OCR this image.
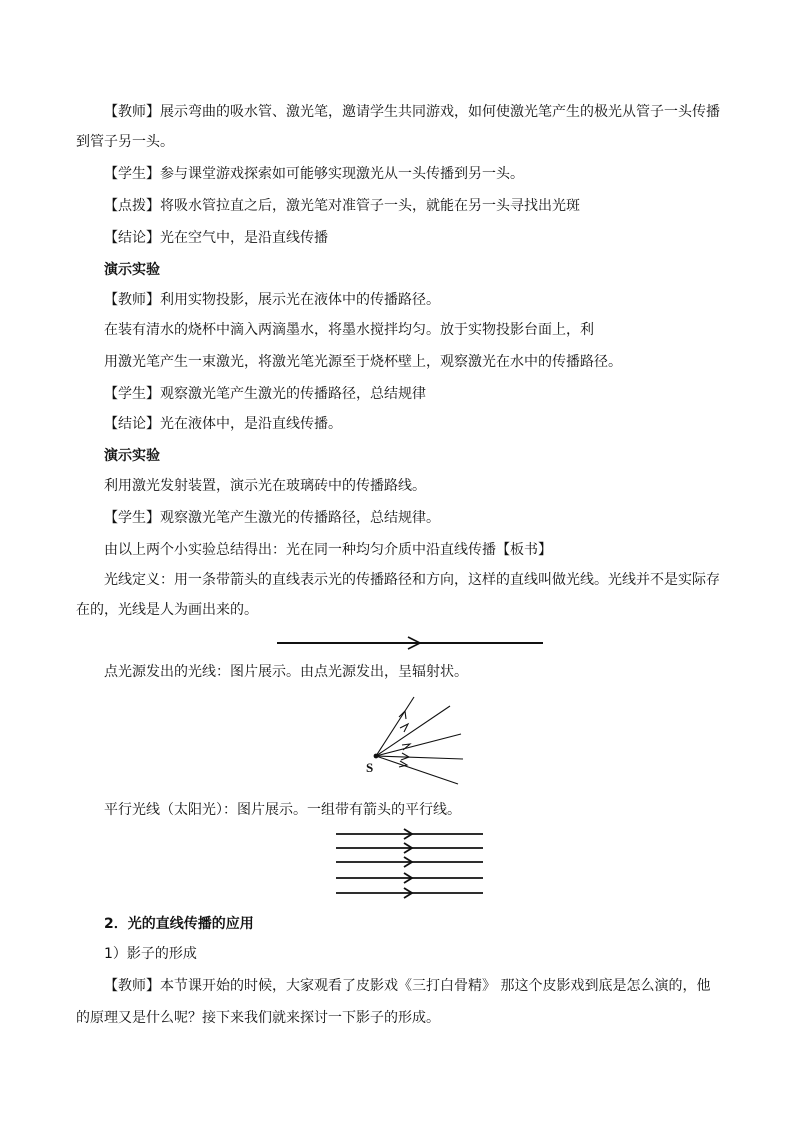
【教师】展示弯曲的吸水管、激光笔，邀请学生共同游戏，如何使激光笔产生的极光从管子一头传播
到管子另一头。
【学生】参与课堂游戏探索如可能够实现激光从一头传播到另一头。
【点拨】将吸水管拉直之后，激光笔对准管子一头，就能在另一头寻找出光斑
【结论】光在空气中，是沿直线传播
演示实验
【教师】利用实物投影，展示光在液体中的传播路径。
在装有清水的烧杯中滴入两滴墨水，将墨水搅拌均匀。放于实物投影台面上，利
用激光笔产生一束激光，将激光笔光源至于烧杯壁上，观察激光在水中的传播路径。
【学生】观察激光笔产生激光的传播路径，总结规律
【结论】光在液体中，是沿直线传播。
演示实验
利用激光发射装置，演示光在玻璃砖中的传播路线。
【学生】观察激光笔产生激光的传播路径，总结规律。
由以上两个小实验总结得出：光在同一种均匀介质中沿直线传播【板书】
光线定义：用一条带箭头的直线表示光的传播路径和方向，这样的直线叫做光线。光线并不是实际存
在的，光线是人为画出来的。
点光源发出的光线：图片展示。由点光源发出，呈辐射状。
S
平行光线（太阳光）：图片展示。一组带有箭头的平行线。
2．光的直线传播的应用
1）影子的形成
【教师】本节课开始的时候，大家观看了皮影戏《三打白骨精》 那这个皮影戏到底是怎么演的，他
的原理又是什么呢？接下来我们就来探讨一下影子的形成。
